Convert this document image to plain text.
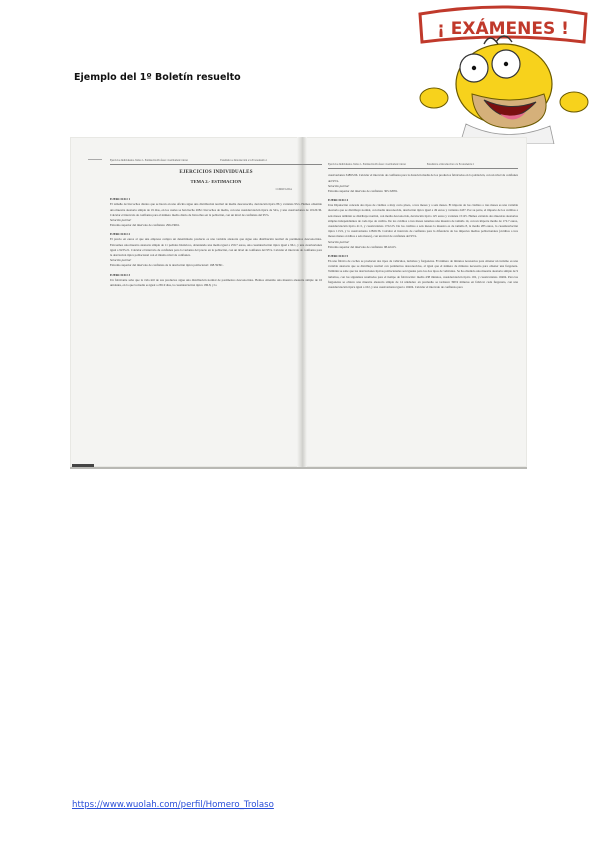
Ejemplo del 1º Boletín resuelto
¡ EXÁMENES !
Ejercicios Individuales. Tema 2.- Estimación Profesor: José Ramón Cáncer	Estadística e Introducción a la Econometría 1
EJERCICIOS INDIVIDUALES
TEMA 2.- ESTIMACION
CORREGIDA
EJERCICIO 1
El tamaño de bizcochos diarios que se hacen en una oficina sigue una distribución normal de media desconocida, desviación típica 86 y varianza 93/a. Hemos obtenido una muestra aleatoria simple de 19 días, en los cuales se han hecho 268.1 bizcochos de media, con una cuasidesviación típica de 54/a, y una cuasivarianza de 10120.36. Calcular el intervalo de confianza para el número medio diario de bizcochos en la población, con un nivel de confianza del 95%.
Solución parcial:
Extremo superior del intervalo de confianza: 296.23661.
EJERCICIO 2
El precio en euros al que una empresa compra un determinado producto es una variable aleatoria que sigue una distribución normal de parámetros desconocidos. Extraemos una muestra aleatoria simple de 11 pedidos históricos, obteniendo una media igual a 259.7 euros, una cuasidesviación típica igual a 96.1, y una cuasivarianza igual a 9235.21. Calcular el intervalo de confianza para la varianza del precio en la población, con un nivel de confianza del 95%. Calcular el intervalo de confianza para la desviación típica poblacional con el mismo nivel de confianza.
Solución parcial:
Extremo superior del intervalo de confianza de la desviación típica poblacional: 168.59391.
EJERCICIO 3
Un fabricante sabe que la vida útil de sus productos sigue una distribución normal de parámetros desconocidos. Hemos obtenido una muestra aleatoria simple de 16 unidades, en la que la media es igual a 265.9 días, la cuasidesviación típica 186.8, y la
Ejercicios Individuales. Tema 2.- Estimación Profesor: José Ramón Cáncer	Estadística e Introducción a la Econometría 2
cuasivarianza 34893.96. Calcular el intervalo de confianza para la duración media de los productos fabricados en la población, con un nivel de confianza del 95%.
Solución parcial:
Extremo superior del intervalo de confianza: 365.32081.
EJERCICIO 4
Una Diputación concede dos tipos de créditos a muy corto plazo, a tres meses y a seis meses. El importe de los créditos a tres meses es una variable aleatoria que se distribuye normal, con media desconocida, desviación típica igual a 49 euros y varianza 2437. Por su parte, el importe de los créditos a seis meses también se distribuye normal, con media desconocida, desviación típica 125 euros y varianza 15125. Hemos extraído dos muestras aleatorias simples independientes de cada tipo de crédito. De los créditos a tres meses tenemos una muestra de tamaño 14, con un importe medio de 172.7 euros, cuasidesviación típica 41.5, y cuasivarianza 1722.25. De los créditos a seis meses la muestra es de tamaño 8, la media 283 euros, la cuasidesviación típica 113.9, y la cuasivarianza 12829.36. Calcular el intervalo de confianza para la diferencia de los importes medios poblacionales (créditos a tres meses menos créditos a seis meses), con un nivel de confianza del 95%.
Solución parcial:
Extremo superior del intervalo de confianza: 98.42415.
EJERCICIO 5
En una fábrica de coches se producen dos tipos de vehículos, turismos y furgonetas. El número de minutos necesarios para obtener un turismo es una variable aleatoria que se distribuye normal con parámetros desconocidos, al igual que el número de minutos necesario para obtener una furgoneta. También se sabe que las desviaciones típicas poblacionales son iguales para los dos tipos de vehículos. Se ha obtenido una muestra aleatoria simple de 9 turismos, con los siguientes resultados para el tiempo de fabricación: media 438 minutos, cuasidesviación típica 102, y cuasivarianza 10404. Para las furgonetas se obtuvo una muestra aleatoria simple de 14 unidades: en promedio se tardaron 390.9 minutos en fabricar cada furgoneta, con una cuasidesviación típica igual a 102, y una cuasivarianza igual a 10404. Calcular el intervalo de confianza para
https://www.wuolah.com/perfil/Homero_Trolaso
